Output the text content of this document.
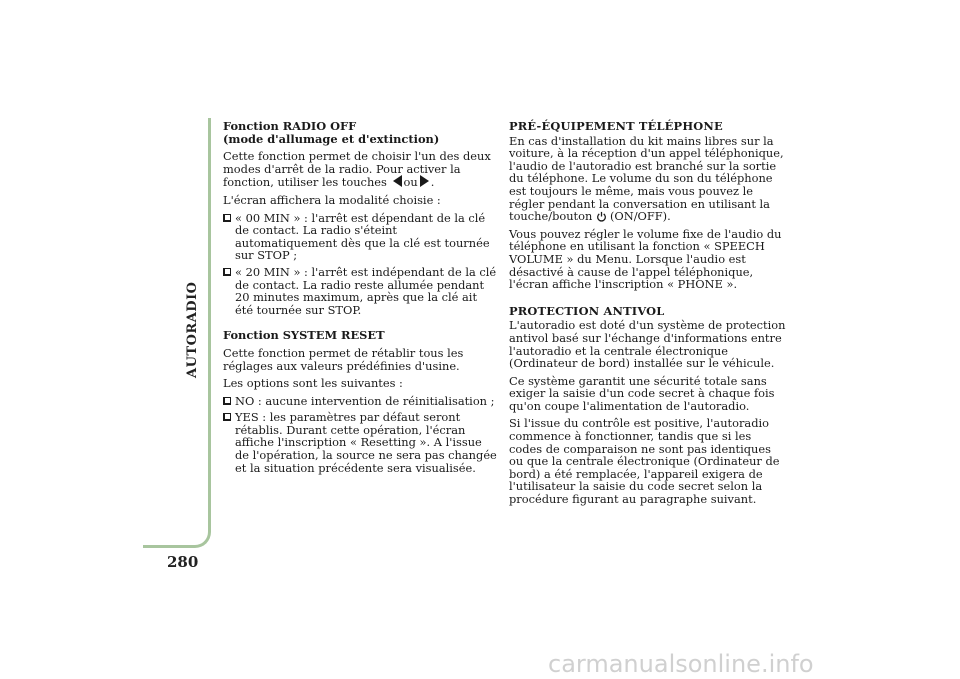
AUTORADIO
280
Fonction RADIO OFF
(mode d'allumage et d'extinction)

Cette fonction permet de choisir l'un des deux modes d'arrêt de la radio. Pour activer la fonction, utiliser les touches ou .

L'écran affichera la modalité choisie :

« 00 MIN » : l'arrêt est dépendant de la clé de contact. La radio s'éteint automatiquement dès que la clé est tournée sur STOP ;
« 20 MIN » : l'arrêt est indépendant de la clé de contact. La radio reste allumée pendant 20 minutes maximum, après que la clé ait été tournée sur STOP.
Fonction SYSTEM RESET

Cette fonction permet de rétablir tous les réglages aux valeurs prédéfinies d'usine.

Les options sont les suivantes :

NO : aucune intervention de réinitialisation ;
YES : les paramètres par défaut seront rétablis. Durant cette opération, l'écran affiche l'inscription « Resetting ». A l'issue de l'opération, la source ne sera pas changée et la situation précédente sera visualisée.
PRÉ-ÉQUIPEMENT TÉLÉPHONE

En cas d'installation du kit mains libres sur la voiture, à la réception d'un appel téléphonique, l'audio de l'autoradio est branché sur la sortie du téléphone. Le volume du son du téléphone est toujours le même, mais vous pouvez le régler pendant la conversation en utilisant la touche/bouton (ON/OFF).

Vous pouvez régler le volume fixe de l'audio du téléphone en utilisant la fonction « SPEECH VOLUME » du Menu. Lorsque l'audio est désactivé à cause de l'appel téléphonique, l'écran affiche l'inscription « PHONE ».

PROTECTION ANTIVOL

L'autoradio est doté d'un système de protection antivol basé sur l'échange d'informations entre l'autoradio et la centrale électronique (Ordinateur de bord) installée sur le véhicule.

Ce système garantit une sécurité totale sans exiger la saisie d'un code secret à chaque fois qu'on coupe l'alimentation de l'autoradio.

Si l'issue du contrôle est positive, l'autoradio commence à fonctionner, tandis que si les codes de comparaison ne sont pas identiques ou que la centrale électronique (Ordinateur de bord) a été remplacée, l'appareil exigera de l'utilisateur la saisie du code secret selon la procédure figurant au paragraphe suivant.

carmanualsonline.info
